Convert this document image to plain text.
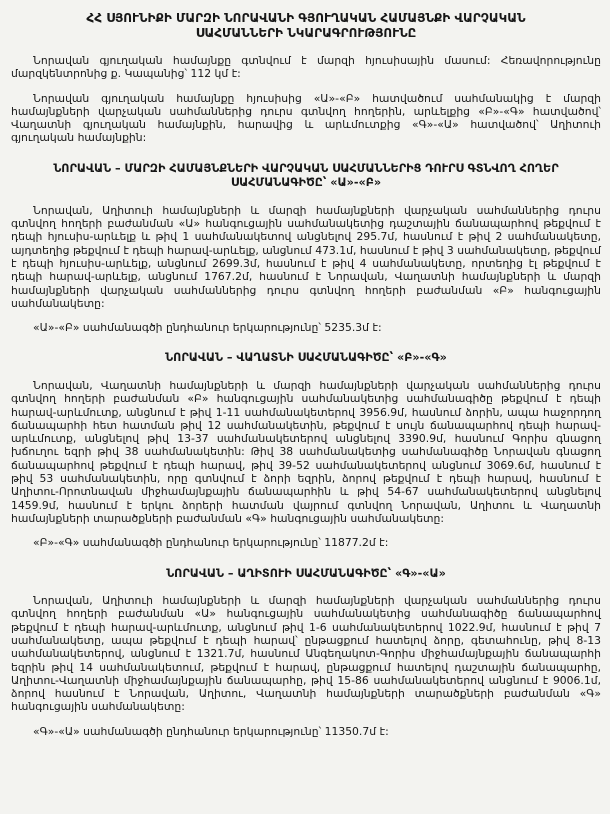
ՀՀ ՍՅՈՒՆԻՔԻ ՄԱՐԶԻ ՆՈՐԱՎԱՆԻ ԳՅՈՒՂԱԿԱՆ ՀԱՄԱՅՆՔԻ ՎԱՐՉԱԿԱՆ ՍԱՀՄԱՆՆԵՐԻ ՆԿԱՐԱԳՐՈՒԹՅՈՒՆԸ

Նորավան գյուղական համայնքը գտնվում է մարզի հյուսիսային մասում: Հեռավորությունը մարզկենտրոնից ք. Կապանից՝ 112 կմ է:

Նորավան գյուղական համայնքը հյուսիսից «Ա»-«Բ» հատվածում սահմանակից է մարզի համայնքների վարչական սահմաններից դուրս գտնվող հողերին, արևելքից «Բ»-«Գ» հատվածով՝ Վաղատնի գյուղական համայնքին, հարավից և արևմուտքից «Գ»-«Ա» հատվածով՝ Աղիտուի գյուղական համայնքին:

ՆՈՐԱՎԱՆ – ՄԱՐԶԻ ՀԱՄԱՅՆՔՆԵՐԻ ՎԱՐՉԱԿԱՆ ՍԱՀՄԱՆՆԵՐԻՑ ԴՈՒՐՍ ԳՏՆՎՈՂ ՀՈՂԵՐ ՍԱՀՄԱՆԱԳԻԾԸ՝ «Ա»-«Բ»

Նորավան, Աղիտուի համայնքների և մարզի համայնքների վարչական սահմաններից դուրս գտնվող հողերի բաժանման «Ա» հանգուցային սահմանակետից դաշտային ճանապարհով թեքվում է դեպի հյուսիս-արևելք և թիվ 1 սահմանակետով անցնելով 295.7մ, հասնում է թիվ 2 սահմանակետը, այդտեղից թեքվում է դեպի հարավ-արևելք, անցնում 473.1մ, հասնում է թիվ 3 սահմանակետը, թեքվում է դեպի հյուսիս-արևելք, անցնում 2699.3մ, հասնում է թիվ 4 սահմանակետը, որտեղից էլ թեքվում է դեպի հարավ-արևելք, անցնում 1767.2մ, հասնում է Նորավան, Վաղատնի համայնքների և մարզի համայնքների վարչական սահմաններից դուրս գտնվող հողերի բաժանման «Բ» հանգուցային սահմանակետը:

«Ա»-«Բ» սահմանագծի ընդհանուր երկարությունը՝ 5235.3մ է:

ՆՈՐԱՎԱՆ – ՎԱՂԱՏՆԻ ՍԱՀՄԱՆԱԳԻԾԸ՝ «Բ»-«Գ»

Նորավան, Վաղատնի համայնքների և մարզի համայնքների վարչական սահմաններից դուրս գտնվող հողերի բաժանման «Բ» հանգուցային սահմանակետից սահմանագիծը թեքվում է դեպի հարավ-արևմուտք, անցնում է թիվ 1-11 սահմանակետերով 3956.9մ, հասնում ձորին, ապա հաջորդող ճանապարհի հետ հատման թիվ 12 սահմանակետին, թեքվում է սույն ճանապարհով դեպի հարավ-արևմուտք, անցնելով թիվ 13-37 սահմանակետերով անցնելով 3390.9մ, հասնում Գորիս գնացող խճուղու եզրի թիվ 38 սահմանակետին: Թիվ 38 սահմանակետից սահմանագիծը Նորավան գնացող ճանապարհով թեքվում է դեպի հարավ, թիվ 39-52 սահմանակետերով անցնում 3069.6մ, հասնում է թիվ 53 սահմանակետին, որը գտնվում է ձորի եզրին, ձորով թեքվում է դեպի հարավ, հասնում է Աղիտու-Որոտնավան միջհամայնքային ճանապարհին և թիվ 54-67 սահմանակետերով անցնելով 1459.9մ, հասնում է երկու ձորերի հատման վայրում գտնվող Նորավան, Աղիտու և Վաղատնի համայնքների տարածքների բաժանման «Գ» հանգուցային սահմանակետը:

«Բ»-«Գ» սահմանագծի ընդհանուր երկարությունը՝ 11877.2մ է:

ՆՈՐԱՎԱՆ – ԱՂԻՏՈՒԻ ՍԱՀՄԱՆԱԳԻԾԸ՝ «Գ»-«Ա»

Նորավան, Աղիտուի համայնքների և մարզի համայնքների վարչական սահմաններից դուրս գտնվող հողերի բաժանման «Ա» հանգուցային սահմանակետից սահմանագիծը ճանապարհով թեքվում է դեպի հարավ-արևմուտք, անցնում թիվ 1-6 սահմանակետերով 1022.9մ, հասնում է թիվ 7 սահմանակետը, ապա թեքվում է դեպի հարավ՝ ընթացքում հատելով ձորը, գետահունը, թիվ 8-13 սահմանակետերով, անցնում է 1321.7մ, հասնում Անգեղակոտ-Գորիս միջհամայնքային ճանապարհի եզրին թիվ 14 սահմանակետում, թեքվում է հարավ, ընթացքում հատելով դաշտային ճանապարհը, Աղիտու-Վաղատնի միջհամայնքային ճանապարհը, թիվ 15-86 սահմանակետերով անցնում է 9006.1մ, ձորով հասնում է Նորավան, Աղիտու, Վաղատնի համայնքների տարածքների բաժանման «Գ» հանգուցային սահմանակետը:

«Գ»-«Ա» սահմանագծի ընդհանուր երկարությունը՝ 11350.7մ է:
